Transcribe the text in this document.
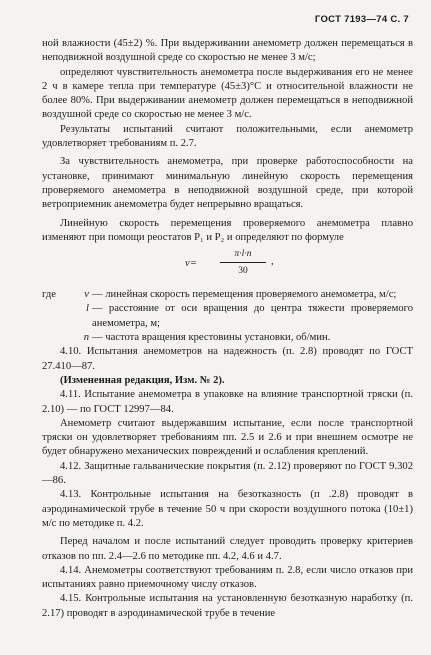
ГОСТ 7193—74 С. 7

ной влажности (45±2) %. При выдерживании анемометр должен перемещаться в неподвижной воздушной среде со скоростью не менее 3 м/с;

определяют чувствительность анемометра после выдерживания его не менее 2 ч в камере тепла при температуре (45±3)°С и относительной влажности не более 80%. При выдерживании анемометр должен перемещаться в неподвижной воздушной среде со скоростью не менее 3 м/с.

Результаты испытаний считают положительными, если анемометр удовлетворяет требованиям п. 2.7.

За чувствительность анемометра, при проверке работоспособности на установке, принимают минимальную линейную скорость перемещения проверяемого анемометра в неподвижной воздушной среде, при которой ветроприемник анемометра будет непрерывно вращаться.

Линейную скорость перемещения проверяемого анемометра плавно изменяют при помощи реостатов P₁ и P₂ и определяют по формуле

v=
π·l·n
30
,
где	v — линейная скорость перемещения проверяемого анемометра, м/с;
l — расстояние от оси вращения до центра тяжести проверяемого анемометра, м;
n — частота вращения крестовины установки, об/мин.

4.10. Испытания анемометров на надежность (п. 2.8) проводят по ГОСТ 27.410—87.

(Измененная редакция, Изм. № 2).

4.11. Испытание анемометра в упаковке на влияние транспортной тряски (п. 2.10) — по ГОСТ 12997—84.

Анемометр считают выдержавшим испытание, если после транспортной тряски он удовлетворяет требованиям пп. 2.5 и 2.6 и при внешнем осмотре не будет обнаружено механических повреждений и ослабления креплений.

4.12. Защитные гальванические покрытия (п. 2.12) проверяют по ГОСТ 9.302—86.

4.13. Контрольные испытания на безотказность (п .2.8) проводят в аэродинамической трубе в течение 50 ч при скорости воздушного потока (10±1) м/с по методике п. 4.2.

Перед началом и после испытаний следует проводить проверку критериев отказов по пп. 2.4—2.6 по методике пп. 4.2, 4.6 и 4.7.

4.14. Анемометры соответствуют требованиям п. 2.8, если число отказов при испытаниях равно приемочному числу отказов.

4.15. Контрольные испытания на установленную безотказную наработку (п. 2.17) проводят в аэродинамической трубе в течение
